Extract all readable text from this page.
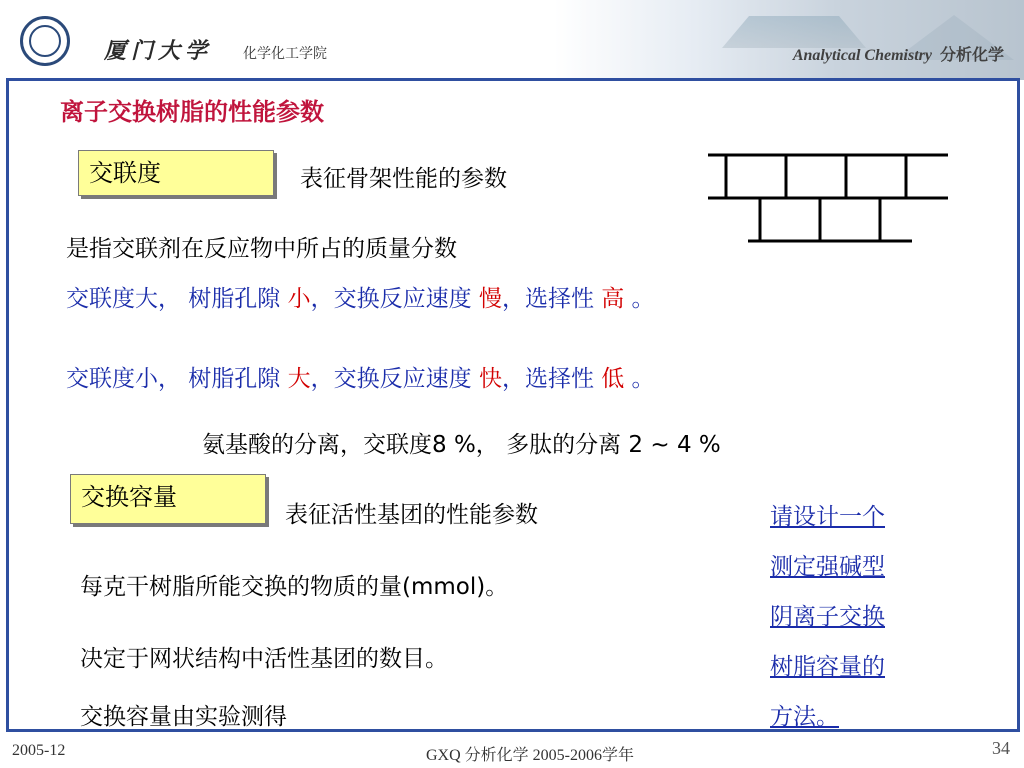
厦门大学 化学化工学院	Analytical Chemistry 分析化学
离子交换树脂的性能参数
交联度	表征骨架性能的参数
是指交联剂在反应物中所占的质量分数
交联度大， 树脂孔隙 小，交换反应速度 慢，选择性 高 。
交联度小， 树脂孔隙 大，交换反应速度 快，选择性 低 。
氨基酸的分离，交联度8 %， 多肽的分离 2 ~ 4 %
交换容量
表征活性基团的性能参数
每克干树脂所能交换的物质的量(mmol)。
决定于网状结构中活性基团的数目。
交换容量由实验测得
请设计一个
测定强碱型
阴离子交换
树脂容量的
方法。
2005-12	GXQ 分析化学 2005-2006学年	34
